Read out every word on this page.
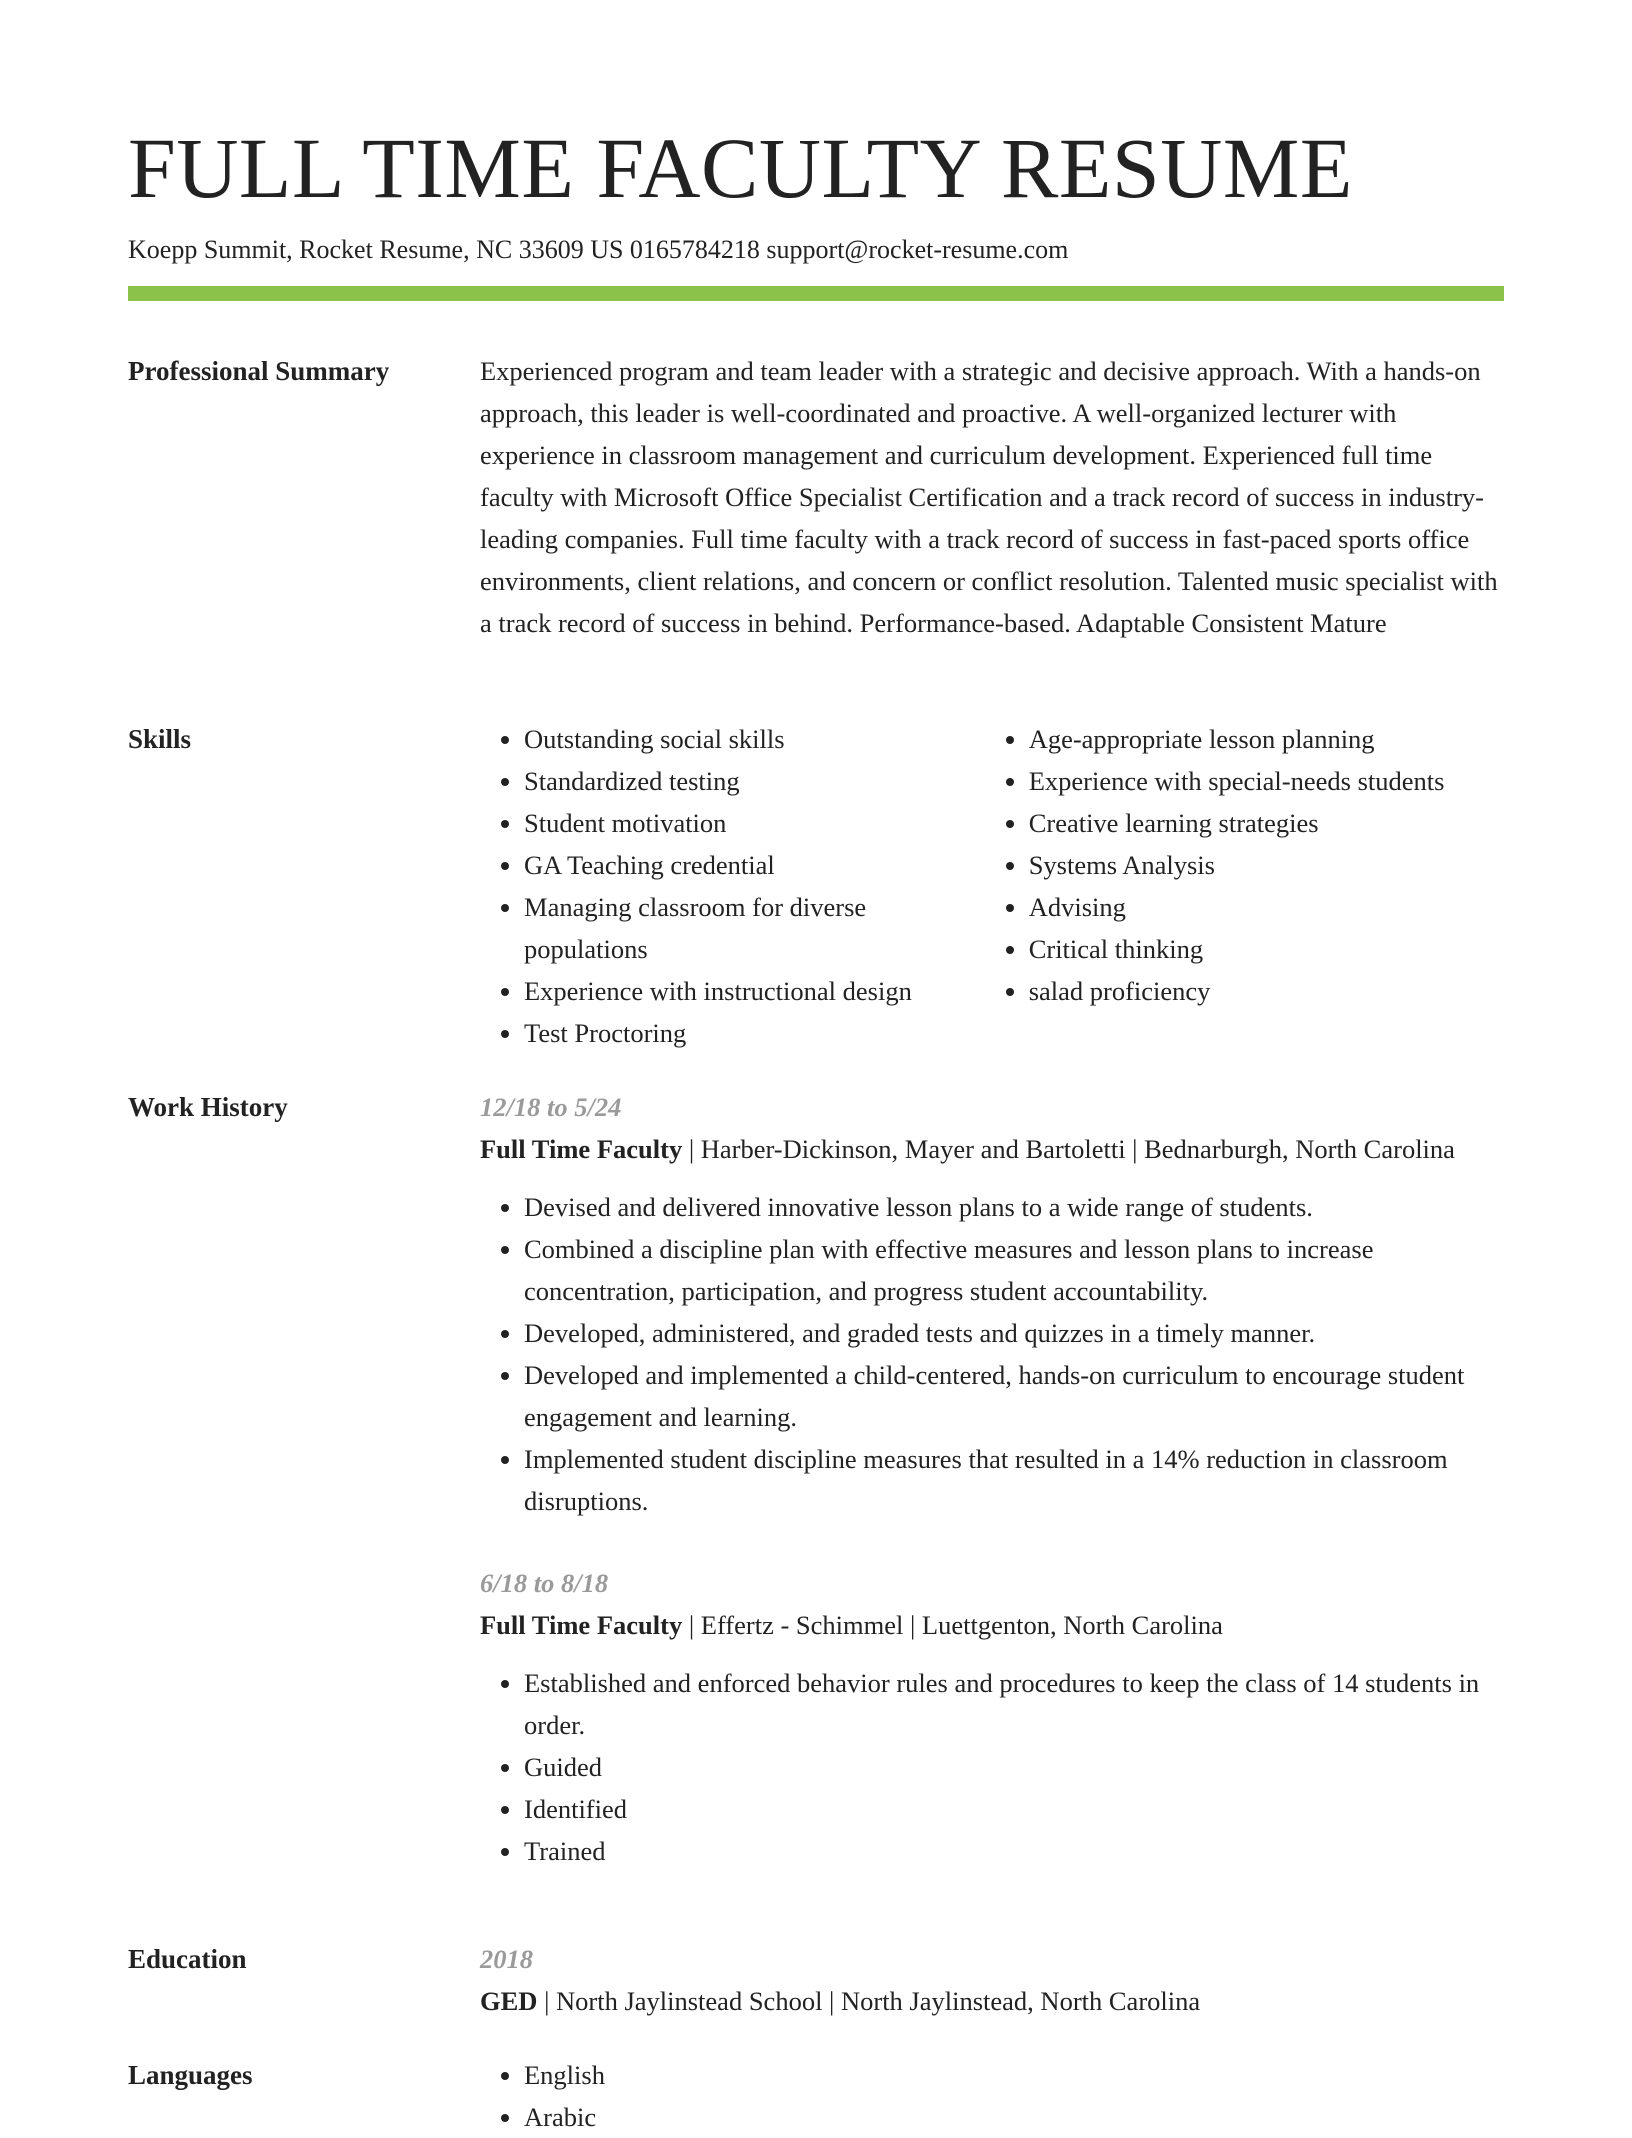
FULL TIME FACULTY RESUME
Koepp Summit, Rocket Resume, NC 33609 US 0165784218 support@rocket-resume.com
Professional Summary	Experienced program and team leader with a strategic and decisive approach. With a hands-on approach, this leader is well-coordinated and proactive. A well-organized lecturer with experience in classroom management and curriculum development. Experienced full time faculty with Microsoft Office Specialist Certification and a track record of success in industry-leading companies. Full time faculty with a track record of success in fast-paced sports office environments, client relations, and concern or conflict resolution. Talented music specialist with a track record of success in behind. Performance-based. Adaptable Consistent Mature

Skills	• Outstanding social skills
• Standardized testing
• Student motivation
• GA Teaching credential
• Managing classroom for diverse populations
• Experience with instructional design
• Test Proctoring
• Age-appropriate lesson planning
• Experience with special-needs students
• Creative learning strategies
• Systems Analysis
• Advising
• Critical thinking
• salad proficiency
Work History	12/18 to 5/24
Full Time Faculty | Harber-Dickinson, Mayer and Bartoletti | Bednarburgh, North Carolina
• Devised and delivered innovative lesson plans to a wide range of students.
• Combined a discipline plan with effective measures and lesson plans to increase concentration, participation, and progress student accountability.
• Developed, administered, and graded tests and quizzes in a timely manner.
• Developed and implemented a child-centered, hands-on curriculum to encourage student engagement and learning.
• Implemented student discipline measures that resulted in a 14% reduction in classroom disruptions.
6/18 to 8/18
Full Time Faculty | Effertz - Schimmel | Luettgenton, North Carolina
• Established and enforced behavior rules and procedures to keep the class of 14 students in order.
• Guided
• Identified
• Trained
Education	2018
GED | North Jaylinstead School | North Jaylinstead, North Carolina
Languages	• English
• Arabic
